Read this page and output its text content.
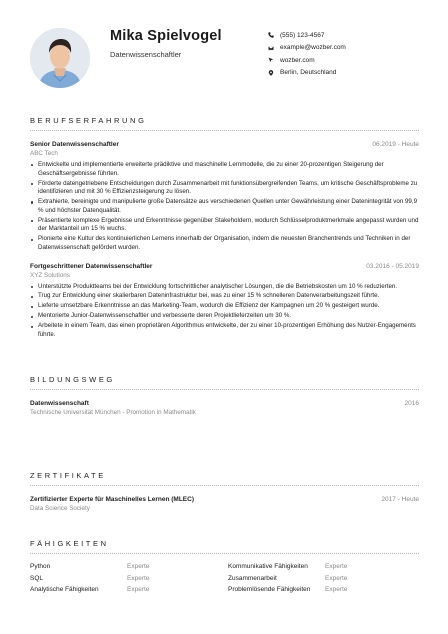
Mika Spielvogel
Datenwissenschaftler
(555) 123-4567
example@wozber.com
wozber.com
Berlin, Deutschland
BERUFSERFAHRUNG
Senior Datenwissenschaftler	06.2019 - Heute
ABC Tech
Entwickelte und implementierte erweiterte prädiktive und maschinelle Lernmodelle, die zu einer 20-prozentigen Steigerung der Geschäftsergebnisse führten.
Förderte datengetriebene Entscheidungen durch Zusammenarbeit mit funktionsübergreifenden Teams, um kritische Geschäftsprobleme zu identifizieren und mit 30 % Effizienzsteigerung zu lösen.
Extrahierte, bereinigte und manipulierte große Datensätze aus verschiedenen Quellen unter Gewährleistung einer Datenintegrität von 99,9 % und höchster Datenqualität.
Präsentierte komplexe Ergebnisse und Erkenntnisse gegenüber Stakeholdern, wodurch Schlüsselproduktmerkmale angepasst wurden und der Marktanteil um 15 % wuchs.
Pionierte eine Kultur des kontinuierlichen Lernens innerhalb der Organisation, indem die neuesten Branchentrends und Techniken in der Datenwissenschaft gefördert wurden.
Fortgeschrittener Datenwissenschaftler	03.2016 - 05.2019
XYZ Solutions
Unterstützte Produktteams bei der Entwicklung fortschrittlicher analytischer Lösungen, die die Betriebskosten um 10 % reduzierten.
Trug zur Entwicklung einer skalierbaren Dateninfrastruktur bei, was zu einer 15 % schnelleren Datenverarbeitungszeit führte.
Lieferte umsetzbare Erkenntnisse an das Marketing-Team, wodurch die Effizienz der Kampagnen um 20 % gesteigert wurde.
Mentorierte Junior-Datenwissenschaftler und verbesserte deren Projektlieferzeiten um 30 %.
Arbeitete in einem Team, das einen proprietären Algorithmus entwickelte, der zu einer 10-prozentigen Erhöhung des Nutzer-Engagements führte.
BILDUNGSWEG
Datenwissenschaft	2016
Technische Universität München - Promotion in Mathematik
ZERTIFIKATE
Zertifizierter Experte für Maschinelles Lernen (MLEC)	2017 - Heute
Data Science Society
FÄHIGKEITEN
Python	Experte	Kommunikative Fähigkeiten	Experte
SQL	Experte	Zusammenarbeit	Experte
Analytische Fähigkeiten	Experte	Problemlösende Fähigkeiten	Experte
